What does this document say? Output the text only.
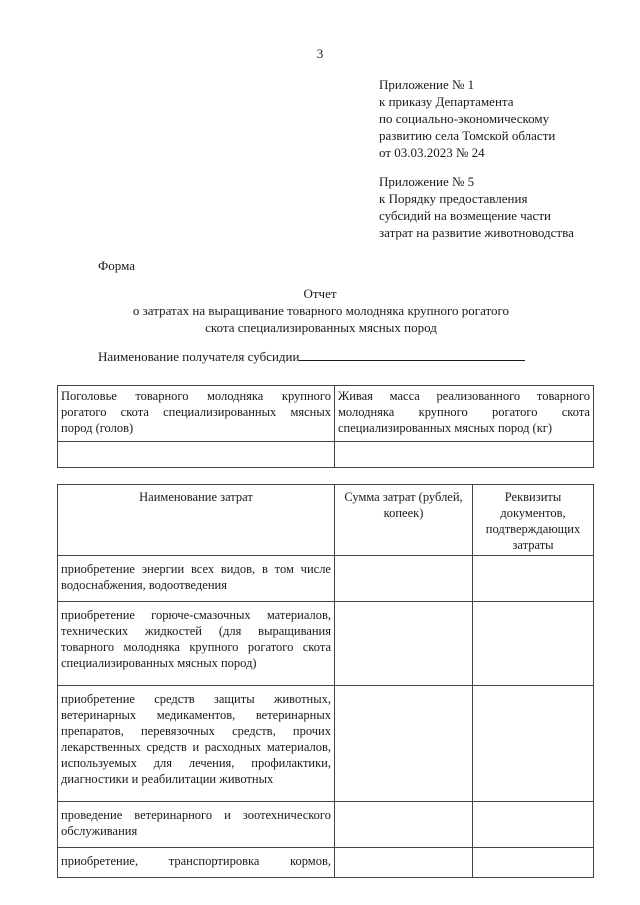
3
Приложение № 1
к приказу Департамента
по социально-экономическому
развитию села Томской области
от 03.03.2023 № 24
Приложение № 5
к Порядку предоставления
субсидий на возмещение части
затрат на развитие животноводства
Форма
Отчет
о затратах на выращивание товарного молодняка крупного рогатого
скота специализированных мясных пород
Наименование получателя субсидии
Поголовье товарного молодняка крупного рогатого скота специализированных мясных пород (голов)	Живая масса реализованного товарного молодняка крупного рогатого скота специализированных мясных пород (кг)

Наименование затрат	Сумма затрат (рублей, копеек)	Реквизиты документов, подтверждающих затраты
приобретение энергии всех видов, в том числе водоснабжения, водоотведения		
приобретение горюче-смазочных материалов, технических жидкостей (для выращивания товарного молодняка крупного рогатого скота специализированных мясных пород)		
приобретение средств защиты животных, ветеринарных медикаментов, ветеринарных препаратов, перевязочных средств, прочих лекарственных средств и расходных материалов, используемых для лечения, профилактики, диагностики и реабилитации животных		
проведение ветеринарного и зоотехнического обслуживания		
приобретение, транспортировка кормов,		
